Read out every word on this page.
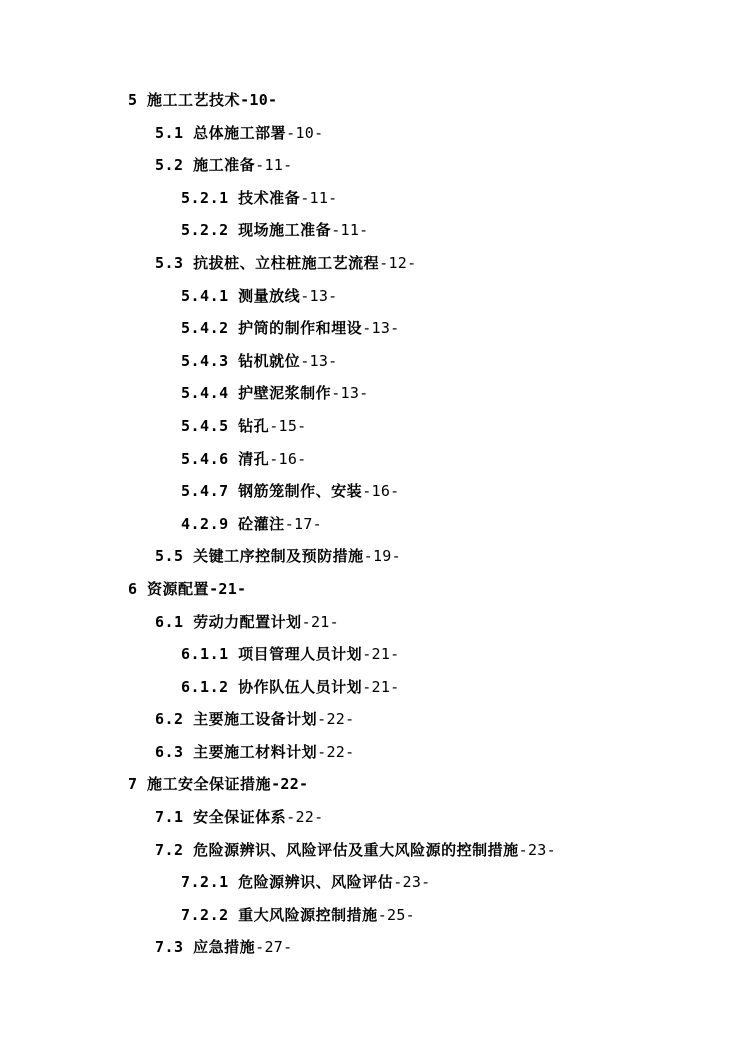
5 施工工艺技术-10-
5.1 总体施工部署-10-
5.2 施工准备-11-
5.2.1 技术准备-11-
5.2.2 现场施工准备-11-
5.3 抗拔桩、立柱桩施工艺流程-12-
5.4.1 测量放线-13-
5.4.2 护筒的制作和埋设-13-
5.4.3 钻机就位-13-
5.4.4 护壁泥浆制作-13-
5.4.5 钻孔-15-
5.4.6 清孔-16-
5.4.7 钢筋笼制作、安装-16-
4.2.9 砼灌注-17-
5.5 关键工序控制及预防措施-19-
6 资源配置-21-
6.1 劳动力配置计划-21-
6.1.1 项目管理人员计划-21-
6.1.2 协作队伍人员计划-21-
6.2 主要施工设备计划-22-
6.3 主要施工材料计划-22-
7 施工安全保证措施-22-
7.1 安全保证体系-22-
7.2 危险源辨识、风险评估及重大风险源的控制措施-23-
7.2.1 危险源辨识、风险评估-23-
7.2.2 重大风险源控制措施-25-
7.3 应急措施-27-
